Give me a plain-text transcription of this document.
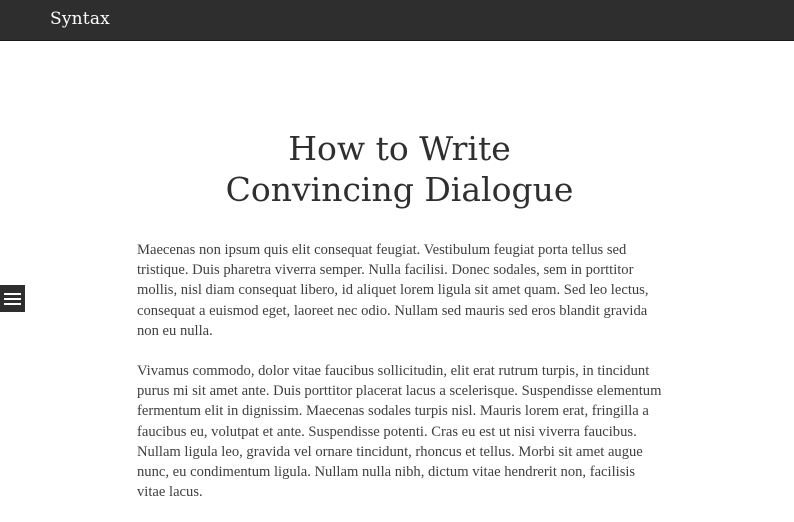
Syntax
How to Write
Convincing Dialogue

Maecenas non ipsum quis elit consequat feugiat. Vestibulum feugiat porta tellus sed tristique. Duis pharetra viverra semper. Nulla facilisi. Donec sodales, sem in porttitor mollis, nisl diam consequat libero, id aliquet lorem ligula sit amet quam. Sed leo lectus, consequat a euismod eget, laoreet nec odio. Nullam sed mauris sed eros blandit gravida non eu nulla.

Vivamus commodo, dolor vitae faucibus sollicitudin, elit erat rutrum turpis, in tincidunt purus mi sit amet ante. Duis porttitor placerat lacus a scelerisque. Suspendisse elementum fermentum elit in dignissim. Maecenas sodales turpis nisl. Mauris lorem erat, fringilla a faucibus eu, volutpat et ante. Suspendisse potenti. Cras eu est ut nisi viverra faucibus. Nullam ligula leo, gravida vel ornare tincidunt, rhoncus et tellus. Morbi sit amet augue nunc, eu condimentum ligula. Nullam nulla nibh, dictum vitae hendrerit non, facilisis vitae lacus.
